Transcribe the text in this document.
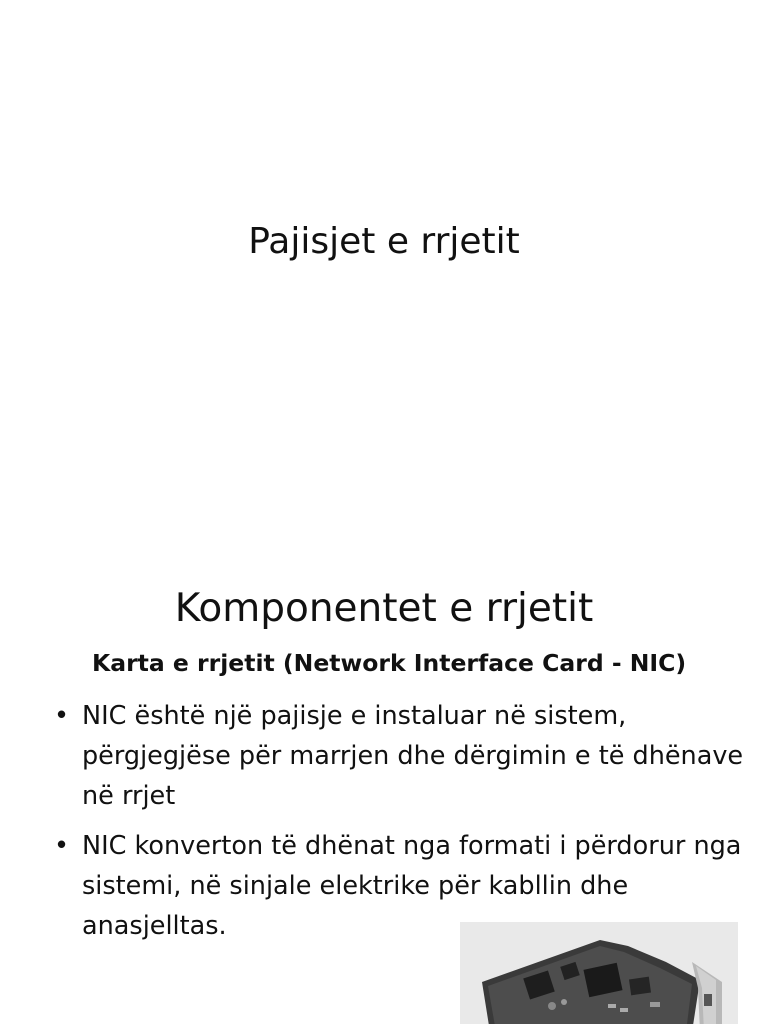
Pajisjet e rrjetit
Komponentet e rrjetit
Karta e rrjetit (Network Interface Card - NIC)
• NIC është një pajisje e instaluar në sistem, përgjegjëse për marrjen dhe dërgimin e të dhënave në rrjet
• NIC konverton të dhënat nga formati i përdorur nga sistemi, në sinjale elektrike për kabllin dhe anasjelltas.
